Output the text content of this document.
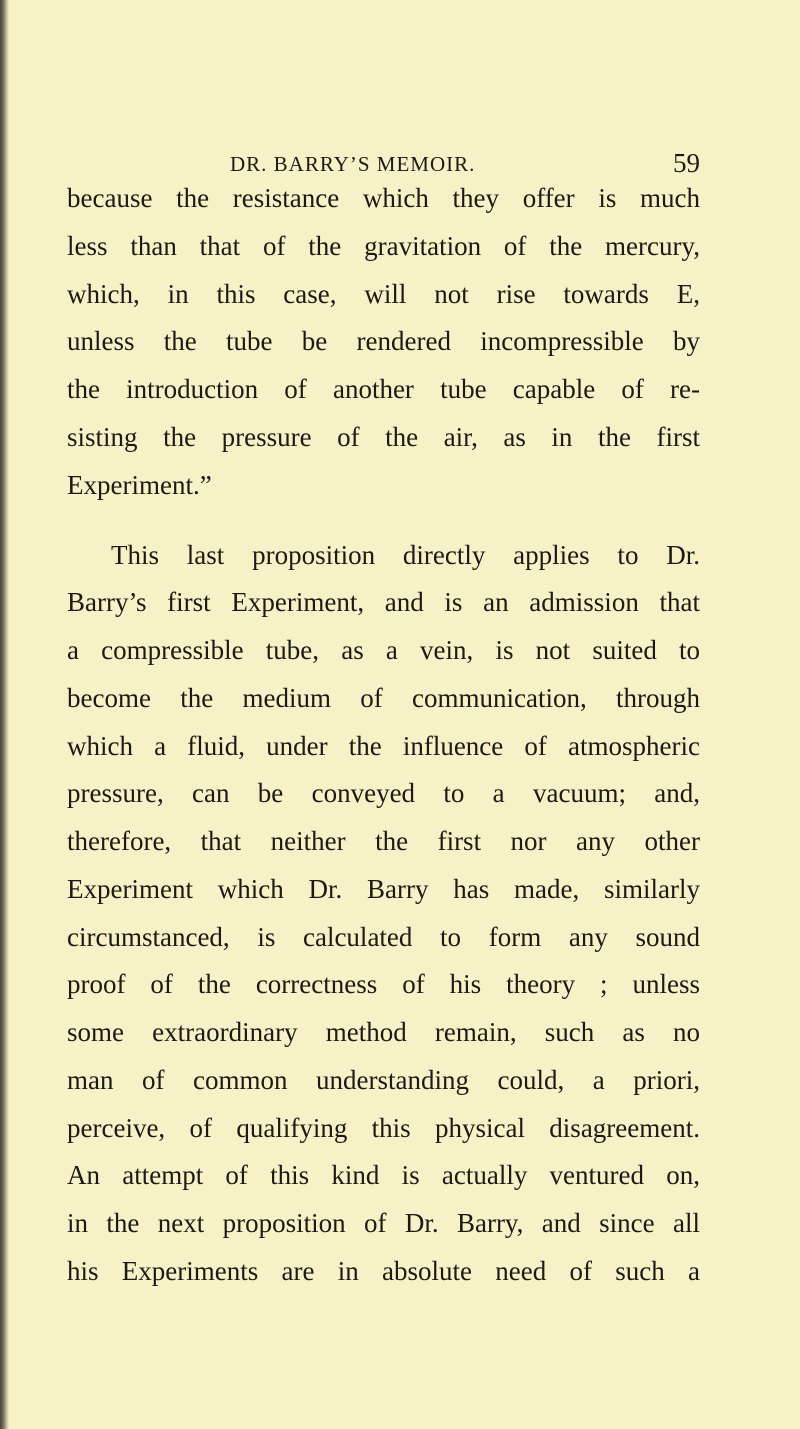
DR. BARRY’S MEMOIR.	59
because the resistance which they offer is much
less than that of the gravitation of the mercury,
which, in this case, will not rise towards E,
unless the tube be rendered incompressible by
the introduction of another tube capable of re-
sisting the pressure of the air, as in the first
Experiment.”
This last proposition directly applies to Dr.
Barry’s first Experiment, and is an admission that
a compressible tube, as a vein, is not suited to
become the medium of communication, through
which a fluid, under the influence of atmospheric
pressure, can be conveyed to a vacuum; and,
therefore, that neither the first nor any other
Experiment which Dr. Barry has made, similarly
circumstanced, is calculated to form any sound
proof of the correctness of his theory ; unless
some extraordinary method remain, such as no
man of common understanding could, a priori,
perceive, of qualifying this physical disagreement.
An attempt of this kind is actually ventured on,
in the next proposition of Dr. Barry, and since all
his Experiments are in absolute need of such a
